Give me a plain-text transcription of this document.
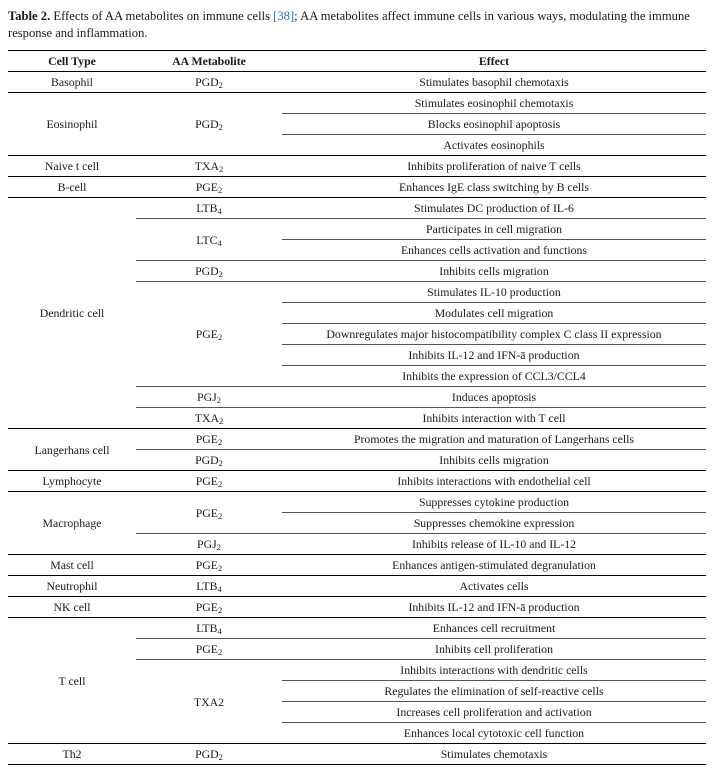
Table 2. Effects of AA metabolites on immune cells [38]; AA metabolites affect immune cells in various ways, modulating the immune response and inflammation.
Cell Type	AA Metabolite	Effect
Basophil	$PGD_2$	Stimulates basophil chemotaxis
Eosinophil	$PGD_2$	Stimulates eosinophil chemotaxis
		Blocks eosinophil apoptosis
		Activates eosinophils
Naive t cell	$TXA_2$	Inhibits proliferation of naive T cells
B-cell	$PGE_2$	Enhances IgE class switching by B cells
Dendritic cell	$LTB_4$	Stimulates DC production of IL-6
	$LTC_4$	Participates in cell migration
		Enhances cells activation and functions
	$PGD_2$	Inhibits cells migration
	$PGE_2$	Stimulates IL-10 production
		Modulates cell migration
		Downregulates major histocompatibility complex C class II expression
		Inhibits IL-12 and IFN-ā production
		Inhibits the expression of CCL3/CCL4
	$PGJ_2$	Induces apoptosis
	$TXA_2$	Inhibits interaction with T cell
Langerhans cell	$PGE_2$	Promotes the migration and maturation of Langerhans cells
	$PGD_2$	Inhibits cells migration
Lymphocyte	$PGE_2$	Inhibits interactions with endothelial cell
Macrophage	$PGE_2$	Suppresses cytokine production
		Suppresses chemokine expression
	$PGJ_2$	Inhibits release of IL-10 and IL-12
Mast cell	$PGE_2$	Enhances antigen-stimulated degranulation
Neutrophil	$LTB_4$	Activates cells
NK cell	$PGE_2$	Inhibits IL-12 and IFN-ā production
T cell	$LTB_4$	Enhances cell recruitment
	$PGE_2$	Inhibits cell proliferation
	TXA2	Inhibits interactions with dendritic cells
		Regulates the elimination of self-reactive cells
		Increases cell proliferation and activation
		Enhances local cytotoxic cell function
Th2	$PGD_2$	Stimulates chemotaxis
